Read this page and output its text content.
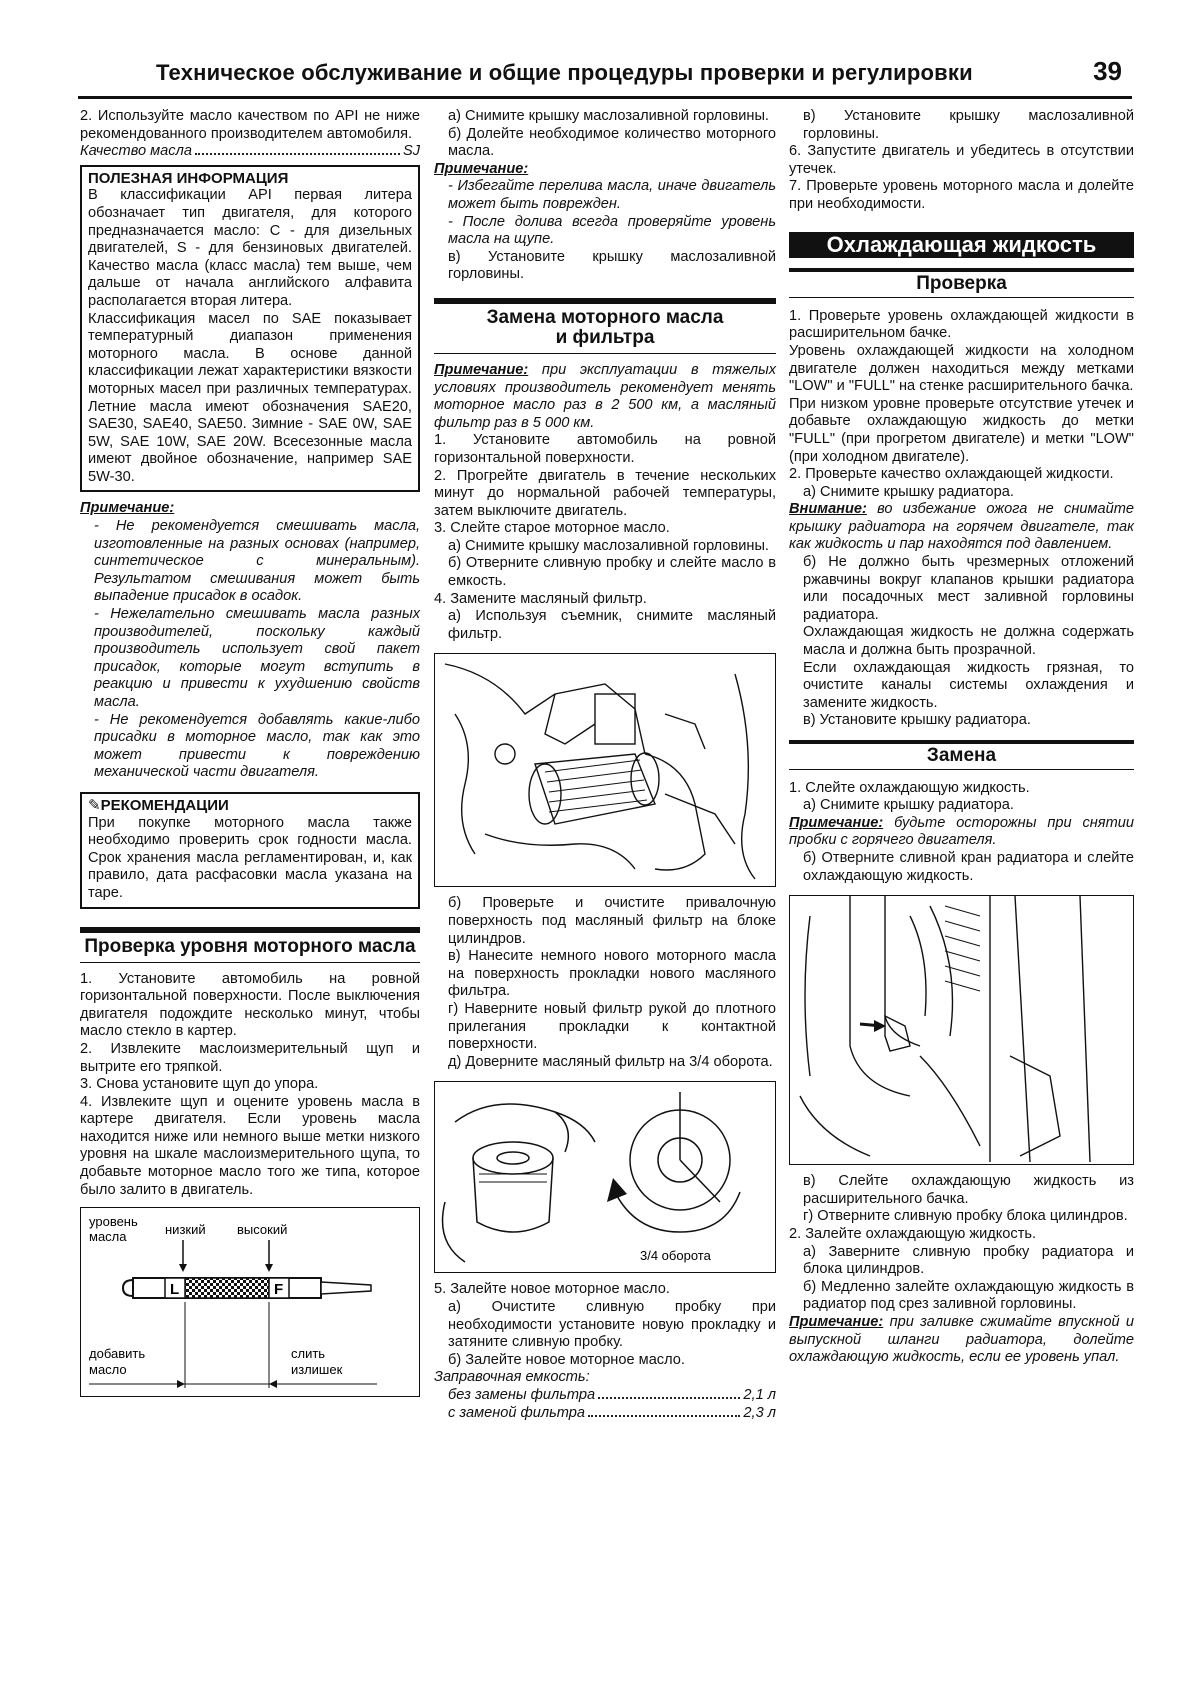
Техническое обслуживание и общие процедуры проверки и регулировки	39

2. Используйте масло качеством по API не ниже рекомендованного производителем автомобиля.

Качество масла	SJ
ПОЛЕЗНАЯ ИНФОРМАЦИЯ

В классификации API первая литера обозначает тип двигателя, для которого предназначается масло: С - для дизельных двигателей, S - для бензиновых двигателей. Качество масла (класс масла) тем выше, чем дальше от начала английского алфавита располагается вторая литера.

Классификация масел по SAE показывает температурный диапазон применения моторного масла. В основе данной классификации лежат характеристики вязкости моторных масел при различных температурах. Летние масла имеют обозначения SAE20, SAE30, SAE40, SAE50. Зимние - SAE 0W, SAE 5W, SAE 10W, SAE 20W. Всесезонные масла имеют двойное обозначение, например SAE 5W-30.

Примечание:

- Не рекомендуется смешивать масла, изготовленные на разных основах (например, синтетическое с минеральным). Результатом смешивания может быть выпадение присадок в осадок.

- Нежелательно смешивать масла разных производителей, поскольку каждый производитель использует свой пакет присадок, которые могут вступить в реакцию и привести к ухудшению свойств масла.

- Не рекомендуется добавлять какие-либо присадки в моторное масло, так как это может привести к повреждению механической части двигателя.

✎РЕКОМЕНДАЦИИ

При покупке моторного масла также необходимо проверить срок годности масла. Срок хранения масла регламентирован, и, как правило, дата расфасовки масла указана на таре.

Проверка уровня моторного масла

1. Установите автомобиль на ровной горизонтальной поверхности. После выключения двигателя подождите несколько минут, чтобы масло стекло в картер.

2. Извлеките маслоизмерительный щуп и вытрите его тряпкой.

3. Снова установите щуп до упора.

4. Извлеките щуп и оцените уровень масла в картере двигателя. Если уровень масла находится ниже или немного выше метки низкого уровня на шкале маслоизмерительного щупа, то добавьте моторное масло того же типа, которое было залито в двигатель.

уровень
масла	низкий высокий
L	F
добавить
масло
слить
излишек

а) Снимите крышку маслозаливной горловины.

б) Долейте необходимое количество моторного масла.

Примечание:

- Избегайте перелива масла, иначе двигатель может быть поврежден.

- После долива всегда проверяйте уровень масла на щупе.

в) Установите крышку маслозаливной горловины.

Замена моторного масла
и фильтра

Примечание: при эксплуатации в тяжелых условиях производитель рекомендует менять моторное масло раз в 2 500 км, а масляный фильтр раз в 5 000 км.

1. Установите автомобиль на ровной горизонтальной поверхности.

2. Прогрейте двигатель в течение нескольких минут до нормальной рабочей температуры, затем выключите двигатель.

3. Слейте старое моторное масло.

а) Снимите крышку маслозаливной горловины.

б) Отверните сливную пробку и слейте масло в емкость.

4. Замените масляный фильтр.

а) Используя съемник, снимите масляный фильтр.

б) Проверьте и очистите привалочную поверхность под масляный фильтр на блоке цилиндров.

в) Нанесите немного нового моторного масла на поверхность прокладки нового масляного фильтра.

г) Наверните новый фильтр рукой до плотного прилегания прокладки к контактной поверхности.

д) Доверните масляный фильтр на 3/4 оборота.

3/4 оборота

5. Залейте новое моторное масло.

а) Очистите сливную пробку при необходимости установите новую прокладку и затяните сливную пробку.

б) Залейте новое моторное масло.

Заправочная емкость:
без замены фильтра	2,1 л
с заменой фильтра	2,3 л

в) Установите крышку маслозаливной горловины.

6. Запустите двигатель и убедитесь в отсутствии утечек.

7. Проверьте уровень моторного масла и долейте при необходимости.

Охлаждающая жидкость
Проверка

1. Проверьте уровень охлаждающей жидкости в расширительном бачке.

Уровень охлаждающей жидкости на холодном двигателе должен находиться между метками "LOW" и "FULL" на стенке расширительного бачка.

При низком уровне проверьте отсутствие утечек и добавьте охлаждающую жидкость до метки "FULL" (при прогретом двигателе) и метки "LOW" (при холодном двигателе).

2. Проверьте качество охлаждающей жидкости.

а) Снимите крышку радиатора.

Внимание: во избежание ожога не снимайте крышку радиатора на горячем двигателе, так как жидкость и пар находятся под давлением.

б) Не должно быть чрезмерных отложений ржавчины вокруг клапанов крышки радиатора или посадочных мест заливной горловины радиатора.

Охлаждающая жидкость не должна содержать масла и должна быть прозрачной.

Если охлаждающая жидкость грязная, то очистите каналы системы охлаждения и замените жидкость.

в) Установите крышку радиатора.

Замена

1. Слейте охлаждающую жидкость.

а) Снимите крышку радиатора.

Примечание: будьте осторожны при снятии пробки с горячего двигателя.

б) Отверните сливной кран радиатора и слейте охлаждающую жидкость.

в) Слейте охлаждающую жидкость из расширительного бачка.

г) Отверните сливную пробку блока цилиндров.

2. Залейте охлаждающую жидкость.

а) Заверните сливную пробку радиатора и блока цилиндров.

б) Медленно залейте охлаждающую жидкость в радиатор под срез заливной горловины.

Примечание: при заливке сжимайте впускной и выпускной шланги радиатора, долейте охлаждающую жидкость, если ее уровень упал.
